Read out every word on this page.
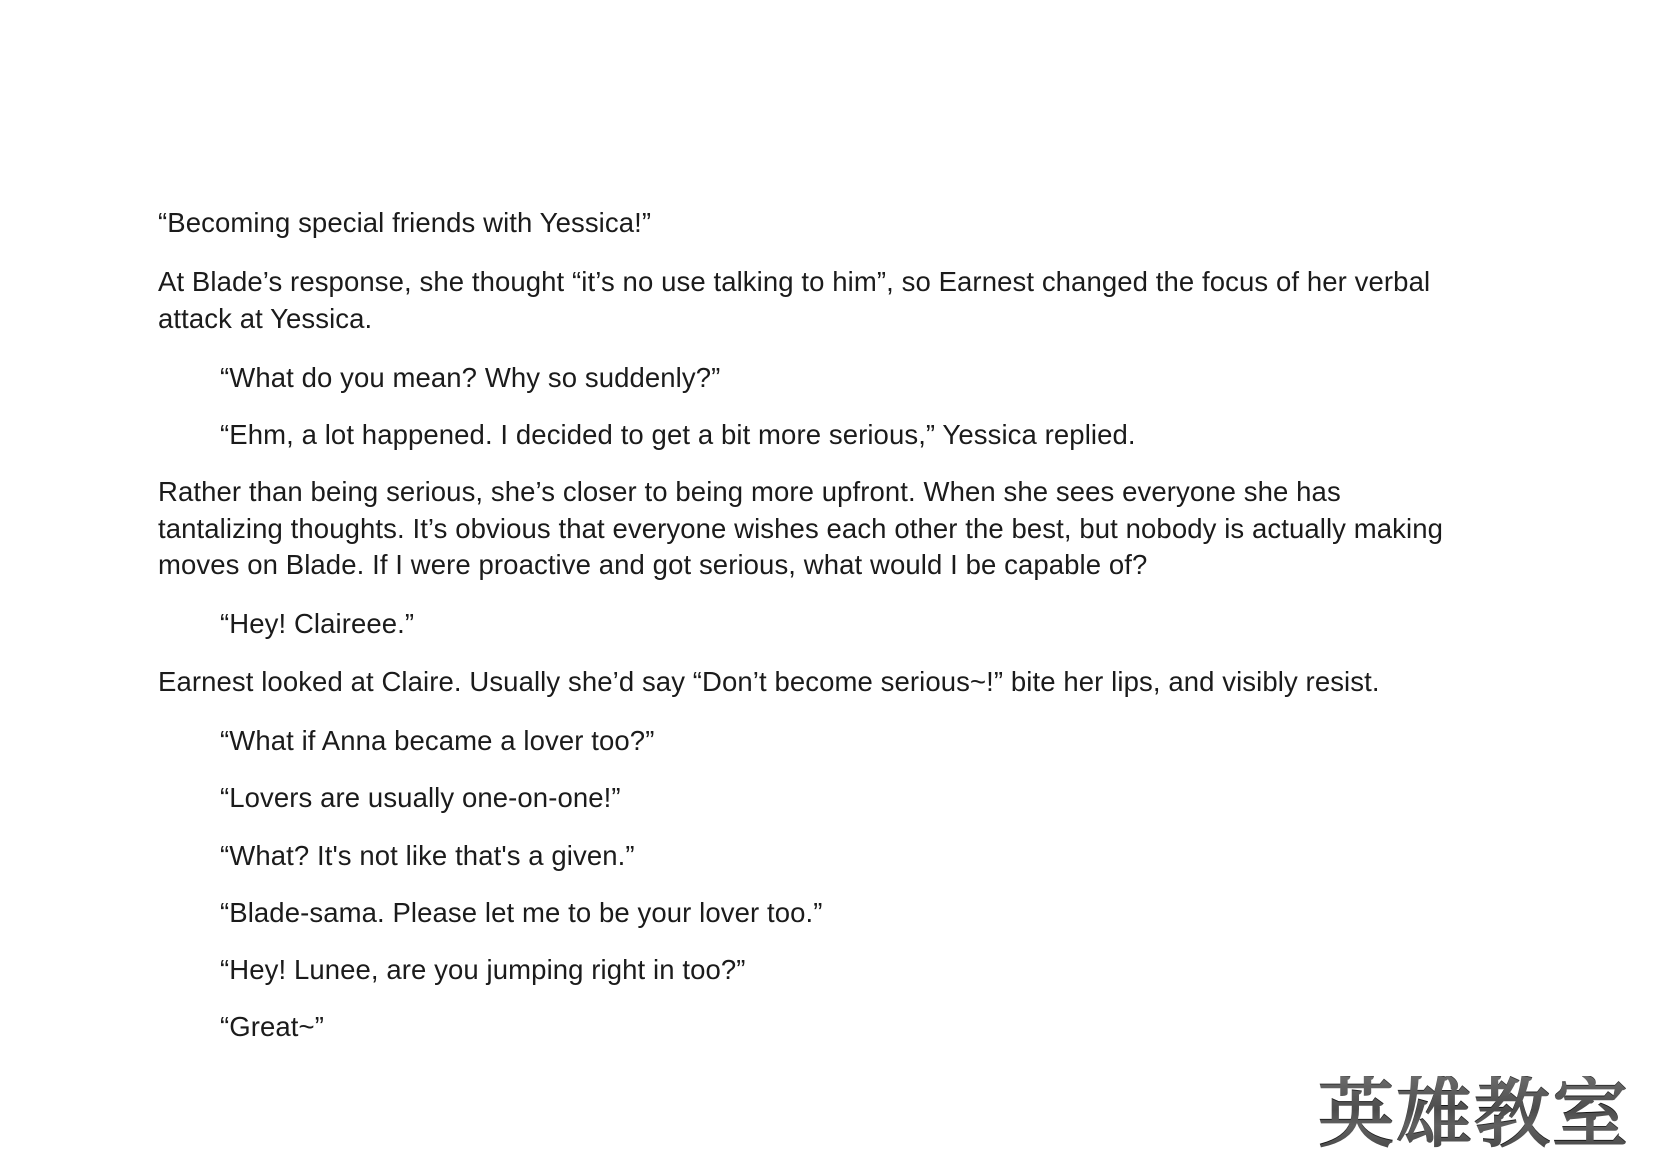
“Becoming special friends with Yessica!”

At Blade’s response, she thought “it’s no use talking to him”, so Earnest changed the focus of her verbal attack at Yessica.

“What do you mean? Why so suddenly?”

“Ehm, a lot happened. I decided to get a bit more serious,” Yessica replied.

Rather than being serious, she’s closer to being more upfront. When she sees everyone she has tantalizing thoughts. It’s obvious that everyone wishes each other the best, but nobody is actually making moves on Blade. If I were proactive and got serious, what would I be capable of?

“Hey! Claireee.”

Earnest looked at Claire. Usually she’d say “Don’t become serious~!” bite her lips, and visibly resist.

“What if Anna became a lover too?”

“Lovers are usually one-on-one!”

“What? It's not like that's a given.”

“Blade-sama. Please let me to be your lover too.”

“Hey! Lunee, are you jumping right in too?”

“Great~”

英雄教室
